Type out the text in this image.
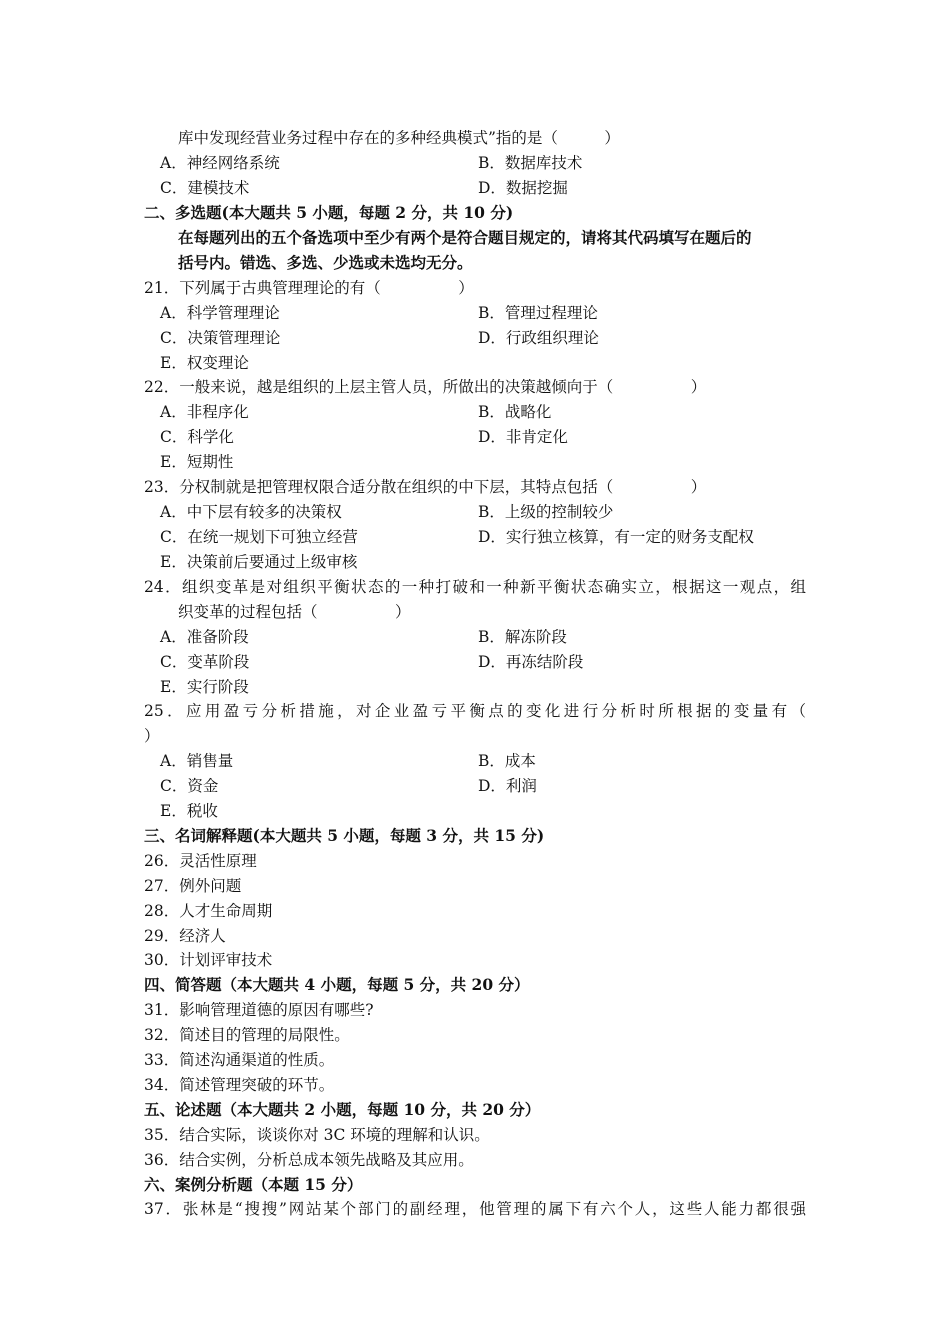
库中发现经营业务过程中存在的多种经典模式”指的是（　　　）
A．神经网络系统	B．数据库技术
C．建模技术	D．数据挖掘
二、多选题(本大题共 5 小题，每题 2 分，共 10 分)
在每题列出的五个备选项中至少有两个是符合题目规定的，请将其代码填写在题后的
括号内。错选、多选、少选或未选均无分。
21．下列属于古典管理理论的有（　　　　　）
A．科学管理理论	B．管理过程理论
C．决策管理理论	D．行政组织理论
E．权变理论
22．一般来说，越是组织的上层主管人员，所做出的决策越倾向于（　　　　　）
A．非程序化	B．战略化
C．科学化	D．非肯定化
E．短期性
23．分权制就是把管理权限合适分散在组织的中下层，其特点包括（　　　　　）
A．中下层有较多的决策权	B．上级的控制较少
C．在统一规划下可独立经营	D．实行独立核算，有一定的财务支配权
E．决策前后要通过上级审核
24．组织变革是对组织平衡状态的一种打破和一种新平衡状态确实立，根据这一观点，组
织变革的过程包括（　　　　　）
A．准备阶段	B．解冻阶段
C．变革阶段	D．再冻结阶段
E．实行阶段
25．应用盈亏分析措施，对企业盈亏平衡点的变化进行分析时所根据的变量有（
）
A．销售量	B．成本
C．资金	D．利润
E．税收
三、名词解释题(本大题共 5 小题，每题 3 分，共 15 分)
26．灵活性原理
27．例外问题
28．人才生命周期
29．经济人
30．计划评审技术
四、简答题（本大题共 4 小题，每题 5 分，共 20 分）
31．影响管理道德的原因有哪些?
32．简述目的管理的局限性。
33．简述沟通渠道的性质。
34．简述管理突破的环节。
五、论述题（本大题共 2 小题，每题 10 分，共 20 分）
35．结合实际，谈谈你对 3C 环境的理解和认识。
36．结合实例，分析总成本领先战略及其应用。
六、案例分析题（本题 15 分）
37．张林是“搜搜”网站某个部门的副经理，他管理的属下有六个人，这些人能力都很强
